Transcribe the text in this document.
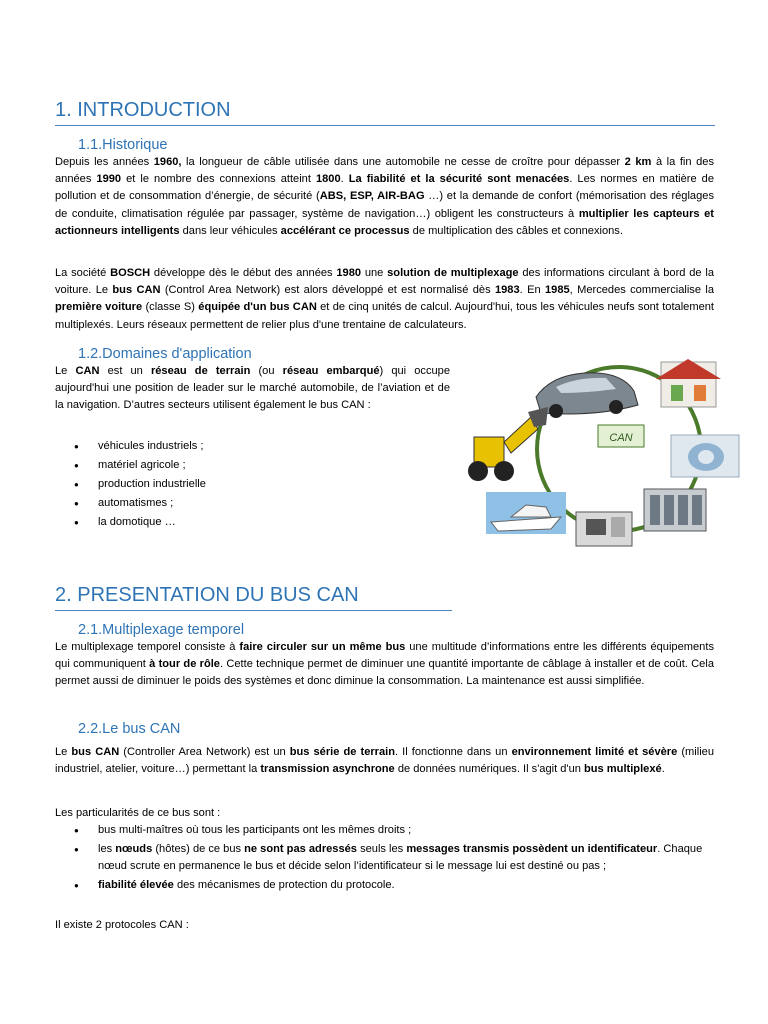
1. INTRODUCTION
1.1.Historique

Depuis les années 1960, la longueur de câble utilisée dans une automobile ne cesse de croître pour dépasser 2 km à la fin des années 1990 et le nombre des connexions atteint 1800. La fiabilité et la sécurité sont menacées. Les normes en matière de pollution et de consommation d’énergie, de sécurité (ABS, ESP, AIR-BAG …) et la demande de confort (mémorisation des réglages de conduite, climatisation régulée par passager, système de navigation…) obligent les constructeurs à multiplier les capteurs et actionneurs intelligents dans leur véhicules accélérant ce processus de multiplication des câbles et connexions.

La société BOSCH développe dès le début des années 1980 une solution de multiplexage des informations circulant à bord de la voiture. Le bus CAN (Control Area Network) est alors développé et est normalisé dès 1983. En 1985, Mercedes commercialise la première voiture (classe S) équipée d'un bus CAN et de cinq unités de calcul. Aujourd'hui, tous les véhicules neufs sont totalement multiplexés. Leurs réseaux permettent de relier plus d'une trentaine de calculateurs.

1.2.Domaines d'application

Le CAN est un réseau de terrain (ou réseau embarqué) qui occupe aujourd'hui une position de leader sur le marché automobile, de l’aviation et de la navigation. D’autres secteurs utilisent également le bus CAN :

● véhicules industriels ;
● matériel agricole ;
● production industrielle
● automatismes ;
● la domotique …
CAN
2. PRESENTATION DU BUS CAN
2.1.Multiplexage temporel

Le multiplexage temporel consiste à faire circuler sur un même bus une multitude d’informations entre les différents équipements qui communiquent à tour de rôle. Cette technique permet de diminuer une quantité importante de câblage à installer et de coût. Cela permet aussi de diminuer le poids des systèmes et donc diminue la consommation. La maintenance est aussi simplifiée.

2.2.Le bus CAN

Le bus CAN (Controller Area Network) est un bus série de terrain. Il fonctionne dans un environnement limité et sévère (milieu industriel, atelier, voiture…) permettant la transmission asynchrone de données numériques. Il s'agit d'un bus multiplexé.

Les particularités de ce bus sont :

● bus multi-maîtres où tous les participants ont les mêmes droits ;
● les nœuds (hôtes) de ce bus ne sont pas adressés seuls les messages transmis possèdent un identificateur. Chaque nœud scrute en permanence le bus et décide selon l’identificateur si le message lui est destiné ou pas ;
● fiabilité élevée des mécanismes de protection du protocole.

Il existe 2 protocoles CAN :
